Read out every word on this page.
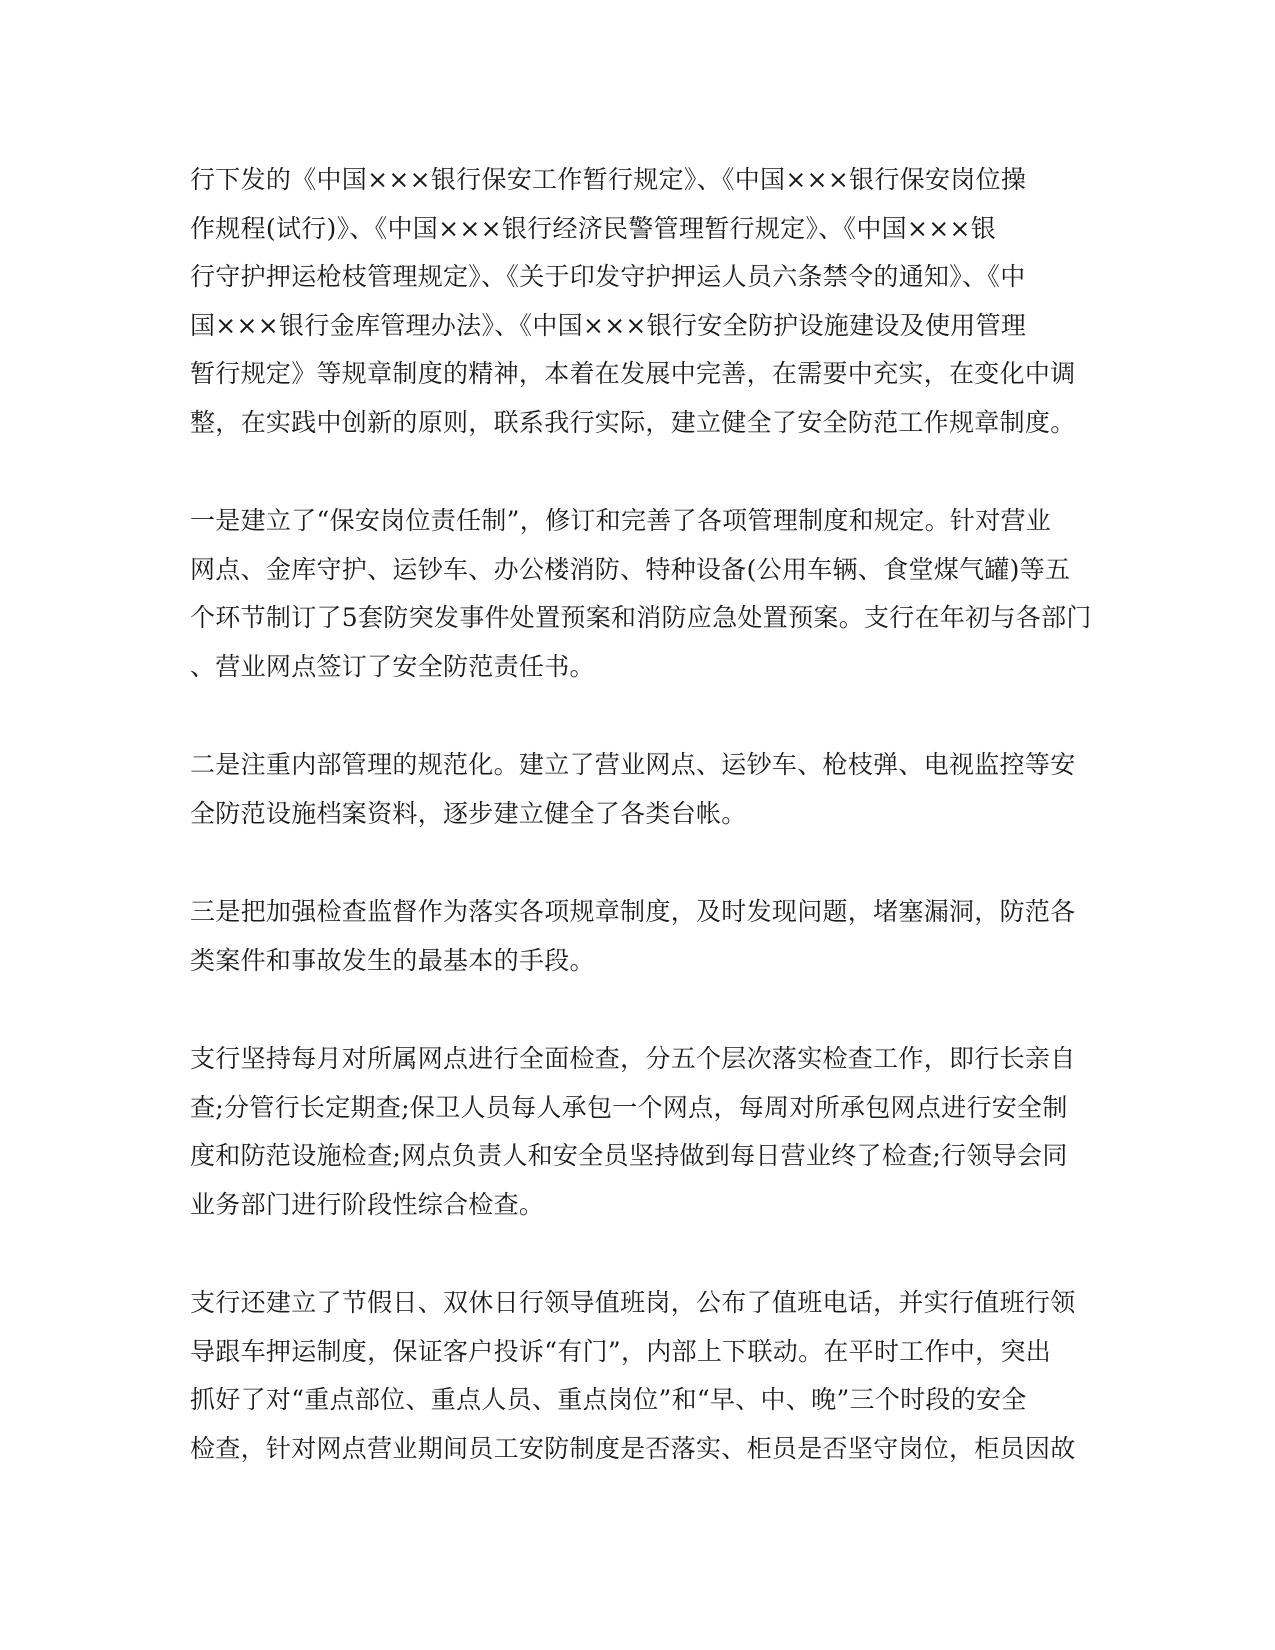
行下发的《中国×××银行保安工作暂行规定》、《中国×××银行保安岗位操
作规程(试行)》、《中国×××银行经济民警管理暂行规定》、《中国×××银
行守护押运枪枝管理规定》、《关于印发守护押运人员六条禁令的通知》、《中
国×××银行金库管理办法》、《中国×××银行安全防护设施建设及使用管理
暂行规定》等规章制度的精神，本着在发展中完善，在需要中充实，在变化中调
整，在实践中创新的原则，联系我行实际，建立健全了安全防范工作规章制度。

一是建立了“保安岗位责任制”，修订和完善了各项管理制度和规定。针对营业
网点、金库守护、运钞车、办公楼消防、特种设备(公用车辆、食堂煤气罐)等五
个环节制订了5套防突发事件处置预案和消防应急处置预案。支行在年初与各部门
、营业网点签订了安全防范责任书。

二是注重内部管理的规范化。建立了营业网点、运钞车、枪枝弹、电视监控等安
全防范设施档案资料，逐步建立健全了各类台帐。

三是把加强检查监督作为落实各项规章制度，及时发现问题，堵塞漏洞，防范各
类案件和事故发生的最基本的手段。

支行坚持每月对所属网点进行全面检查，分五个层次落实检查工作，即行长亲自
查;分管行长定期查;保卫人员每人承包一个网点，每周对所承包网点进行安全制
度和防范设施检查;网点负责人和安全员坚持做到每日营业终了检查;行领导会同
业务部门进行阶段性综合检查。

支行还建立了节假日、双休日行领导值班岗，公布了值班电话，并实行值班行领
导跟车押运制度，保证客户投诉“有门”，内部上下联动。在平时工作中，突出
抓好了对“重点部位、重点人员、重点岗位”和“早、中、晚”三个时段的安全
检查，针对网点营业期间员工安防制度是否落实、柜员是否坚守岗位，柜员因故
